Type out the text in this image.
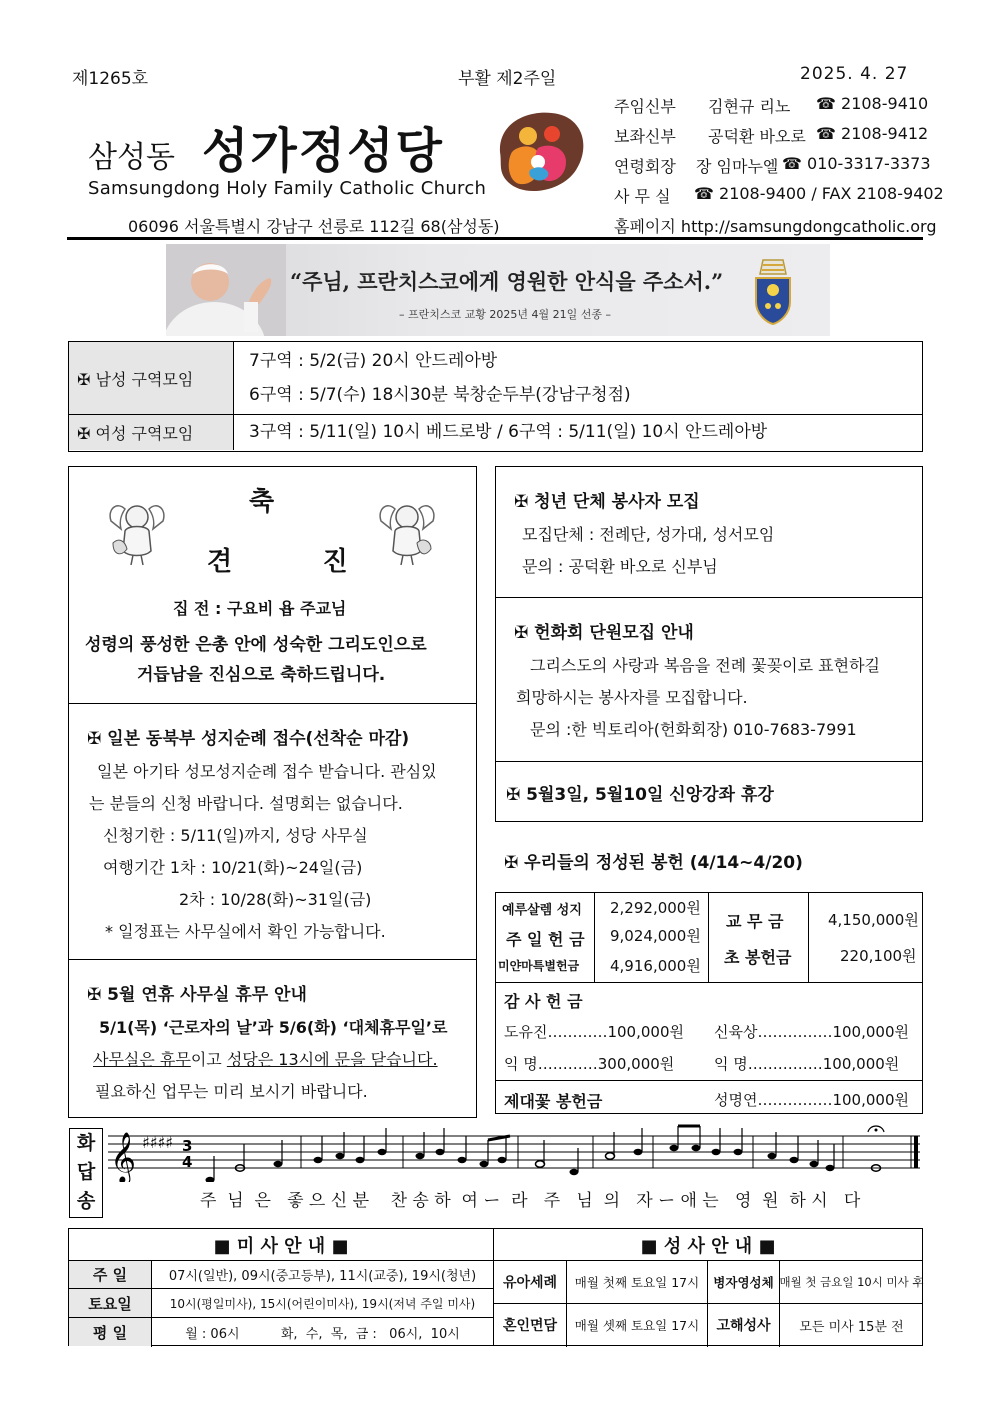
제1265호	부활 제2주일	2025. 4. 27
삼성동 성가정성당
Samsungdong Holy Family Catholic Church
06096 서울특별시 강남구 선릉로 112길 68(삼성동)
주임신부 김현규 리노 ☎ 2108-9410
보좌신부 공덕환 바오로 ☎ 2108-9412
연령회장 장 임마누엘 ☎ 010-3317-3373
사 무 실 ☎ 2108-9400 / FAX 2108-9402
홈페이지 http://samsungdongcatholic.org
“주님, 프란치스코에게 영원한 안식을 주소서.”
– 프란치스코 교황 2025년 4월 21일 선종 –
✠ 남성 구역모임
7구역 : 5/2(금) 20시 안드레아방
6구역 : 5/7(수) 18시30분 북창순두부(강남구청점)
✠ 여성 구역모임	3구역 : 5/11(일) 10시 베드로방 / 6구역 : 5/11(일) 10시 안드레아방
축
견          진
집 전 : 구요비 욥 주교님
성령의 풍성한 은총 안에 성숙한 그리도인으로
거듭남을 진심으로 축하드립니다.
✠ 일본 동북부 성지순례 접수(선착순 마감)
일본 아기타 성모성지순례 접수 받습니다. 관심있
는 분들의 신청 바랍니다. 설명회는 없습니다.
신청기한 : 5/11(일)까지, 성당 사무실
여행기간 1차 : 10/21(화)~24일(금)
2차 : 10/28(화)~31일(금)
* 일정표는 사무실에서 확인 가능합니다.
✠ 5월 연휴 사무실 휴무 안내
5/1(목) ‘근로자의 날’과 5/6(화) ‘대체휴무일’로
사무실은 휴무이고 성당은 13시에 문을 닫습니다.
필요하신 업무는 미리 보시기 바랍니다.
✠ 청년 단체 봉사자 모집
모집단체 : 전례단, 성가대, 성서모임
문의 : 공덕환 바오로 신부님
✠ 헌화회 단원모집 안내
그리스도의 사랑과 복음을 전례 꽃꽂이로 표현하길
희망하시는 봉사자를 모집합니다.
문의 :한 빅토리아(헌화회장) 010-7683-7991
✠ 5월3일, 5월10일 신앙강좌 휴강
✠ 우리들의 정성된 봉헌 (4/14~4/20)
예루살렘 성지 2,292,000원
주 일 헌 금 9,024,000원
미얀마특별헌금 4,916,000원
교 무 금	4,150,000원
초 봉헌금	220,100원
감 사 헌 금
도유진…………100,000원 신육상……………100,000원
익 명…………300,000원	익 명……………100,000원
제대꽃 봉헌금	성명연……………100,000원
화
답
송
𝄞 ♯♯♯♯ 3
4
주  님  은   좋 으 신 분    찬 송 하  여 ー  라   주   님  의   자 ー 애 는   영  원  하 시   다
■ 미 사 안 내 ■	■ 성 사 안 내 ■
주 일	07시(일반), 09시(중고등부), 11시(교중), 19시(청년)
토요일	10시(평일미사), 15시(어린이미사), 19시(저녁 주일 미사)
평 일	월 : 06시          화,  수,  목,  금 :   06시,  10시
유아세례	매월 첫째 토요일 17시	병자영성체 매월 첫 금요일 10시 미사 후
혼인면담	매월 셋째 토요일 17시	고해성사	모든 미사 15분 전
